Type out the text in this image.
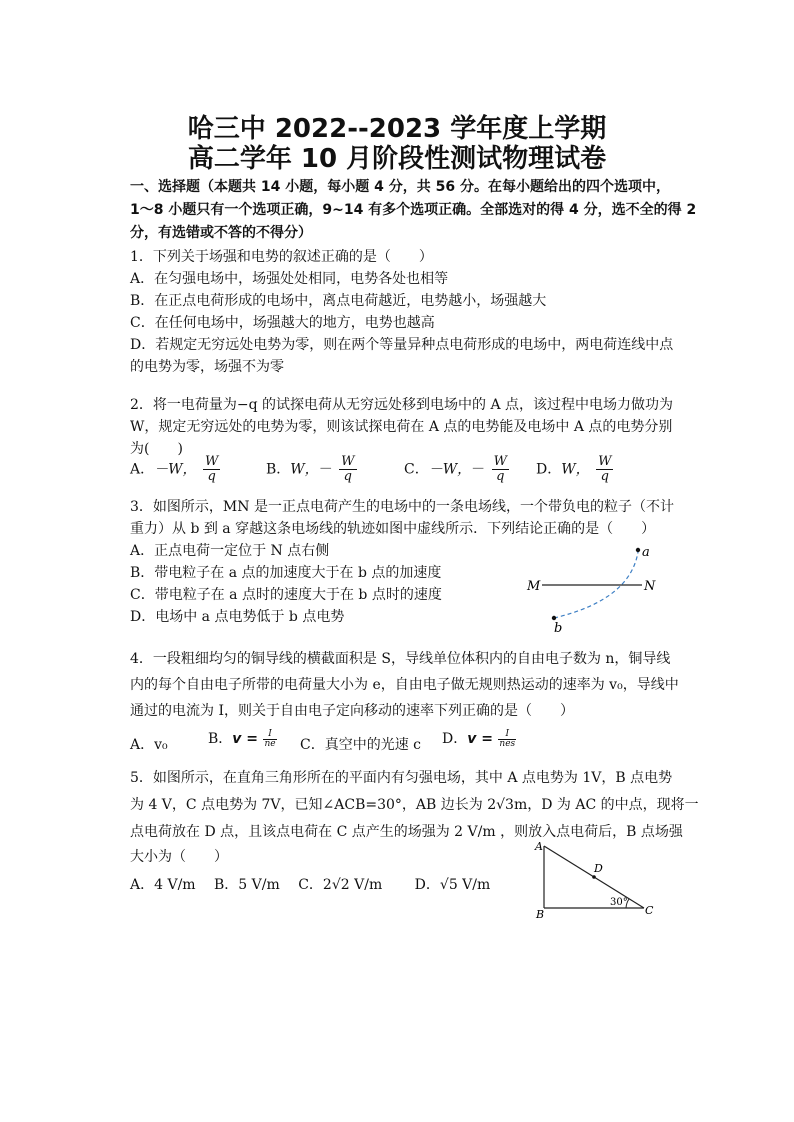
哈三中 2022--2023 学年度上学期
高二学年 10 月阶段性测试物理试卷
一、选择题（本题共 14 小题，每小题 4 分，共 56 分。在每小题给出的四个选项中，
1～8 小题只有一个选项正确，9~14 有多个选项正确。全部选对的得 4 分，选不全的得 2
分，有选错或不答的不得分）
1．下列关于场强和电势的叙述正确的是（　　）
A．在匀强电场中，场强处处相同，电势各处也相等
B．在正点电荷形成的电场中，离点电荷越近，电势越小，场强越大
C．在任何电场中，场强越大的地方，电势也越高
D．若规定无穷远处电势为零，则在两个等量异种点电荷形成的电场中，两电荷连线中点
的电势为零，场强不为零
2．将一电荷量为−q 的试探电荷从无穷远处移到电场中的 A 点，该过程中电场力做功为
W，规定无穷远处的电势为零，则该试探电荷在 A 点的电势能及电场中 A 点的电势分别
为(　　)
A．－W， $\frac{W}{q}$	B．W，－ $\frac{W}{q}$	C．－W，－ $\frac{W}{q}$ D．W， $\frac{W}{q}$
3．如图所示，MN 是一正点电荷产生的电场中的一条电场线，一个带负电的粒子（不计
重力）从 b 到 a 穿越这条电场线的轨迹如图中虚线所示．下列结论正确的是（　　）
A．正点电荷一定位于 N 点右侧
B．带电粒子在 a 点的加速度大于在 b 点的加速度
C．带电粒子在 a 点时的速度大于在 b 点时的速度
D．电场中 a 点电势低于 b 点电势
M	N
a
b
4．一段粗细均匀的铜导线的横截面积是 S，导线单位体积内的自由电子数为 n，铜导线
内的每个自由电子所带的电荷量大小为 e，自由电子做无规则热运动的速率为 v₀，导线中
通过的电流为 I，则关于自由电子定向移动的速率下列正确的是（　　）
A．v₀	B．$v = \frac{I}{ne}$ C．真空中的光速 c D．$v = \frac{I}{\text{nes}}$
5．如图所示，在直角三角形所在的平面内有匀强电场，其中 A 点电势为 1V，B 点电势
为 4 V，C 点电势为 7V，已知∠ACB=30°，AB 边长为 2√3m，D 为 AC 的中点，现将一
点电荷放在 D 点，且该点电荷在 C 点产生的场强为 2 V/m ，则放入点电荷后，B 点场强
大小为（　　）
A．4 V/m　 B．5 V/m　 C．2√2 V/m　　 D．√5 V/m
A
B	C
D
30°
